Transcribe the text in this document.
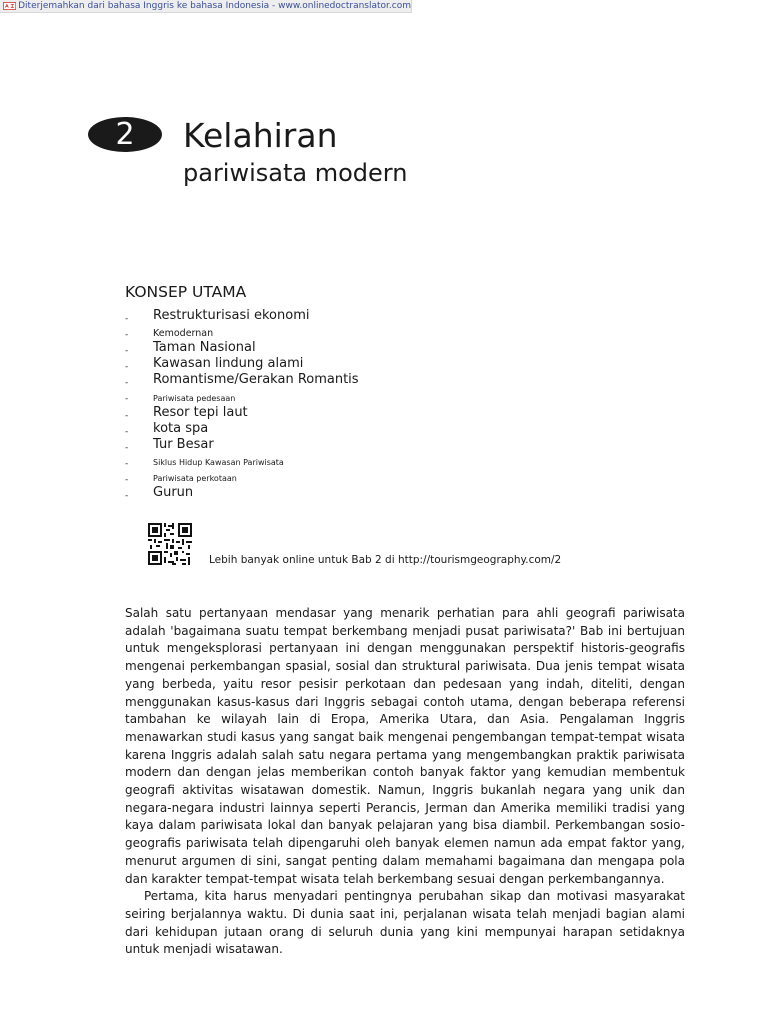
Diterjemahkan dari bahasa Inggris ke bahasa Indonesia - www.onlinedoctranslator.com
2	Kelahiran
pariwisata modern
KONSEP UTAMA
- Restrukturisasi ekonomi
-	Kemodernan
- Taman Nasional
- Kawasan lindung alami
- Romantisme/Gerakan Romantis
-	Pariwisata pedesaan
- Resor tepi laut
- kota spa
- Tur Besar
-	Siklus Hidup Kawasan Pariwisata
-	Pariwisata perkotaan
- Gurun
Lebih banyak online untuk Bab 2 di http://tourismgeography.com/2

Salah satu pertanyaan mendasar yang menarik perhatian para ahli geografi pariwisata adalah 'bagaimana suatu tempat berkembang menjadi pusat pariwisata?' Bab ini bertujuan untuk mengeksplorasi pertanyaan ini dengan menggunakan perspektif historis-geografis mengenai perkembangan spasial, sosial dan struktural pariwisata. Dua jenis tempat wisata yang berbeda, yaitu resor pesisir perkotaan dan pedesaan yang indah, diteliti, dengan menggunakan kasus-kasus dari Inggris sebagai contoh utama, dengan beberapa referensi tambahan ke wilayah lain di Eropa, Amerika Utara, dan Asia. Pengalaman Inggris menawarkan studi kasus yang sangat baik mengenai pengembangan tempat-tempat wisata karena Inggris adalah salah satu negara pertama yang mengembangkan praktik pariwisata modern dan dengan jelas memberikan contoh banyak faktor yang kemudian membentuk geografi aktivitas wisatawan domestik. Namun, Inggris bukanlah negara yang unik dan negara-negara industri lainnya seperti Perancis, Jerman dan Amerika memiliki tradisi yang kaya dalam pariwisata lokal dan banyak pelajaran yang bisa diambil. Perkembangan sosio-geografis pariwisata telah dipengaruhi oleh banyak elemen namun ada empat faktor yang, menurut argumen di sini, sangat penting dalam memahami bagaimana dan mengapa pola dan karakter tempat-tempat wisata telah berkembang sesuai dengan perkembangannya.

Pertama, kita harus menyadari pentingnya perubahan sikap dan motivasi masyarakat seiring berjalannya waktu. Di dunia saat ini, perjalanan wisata telah menjadi bagian alami dari kehidupan jutaan orang di seluruh dunia yang kini mempunyai harapan setidaknya untuk menjadi wisatawan.
